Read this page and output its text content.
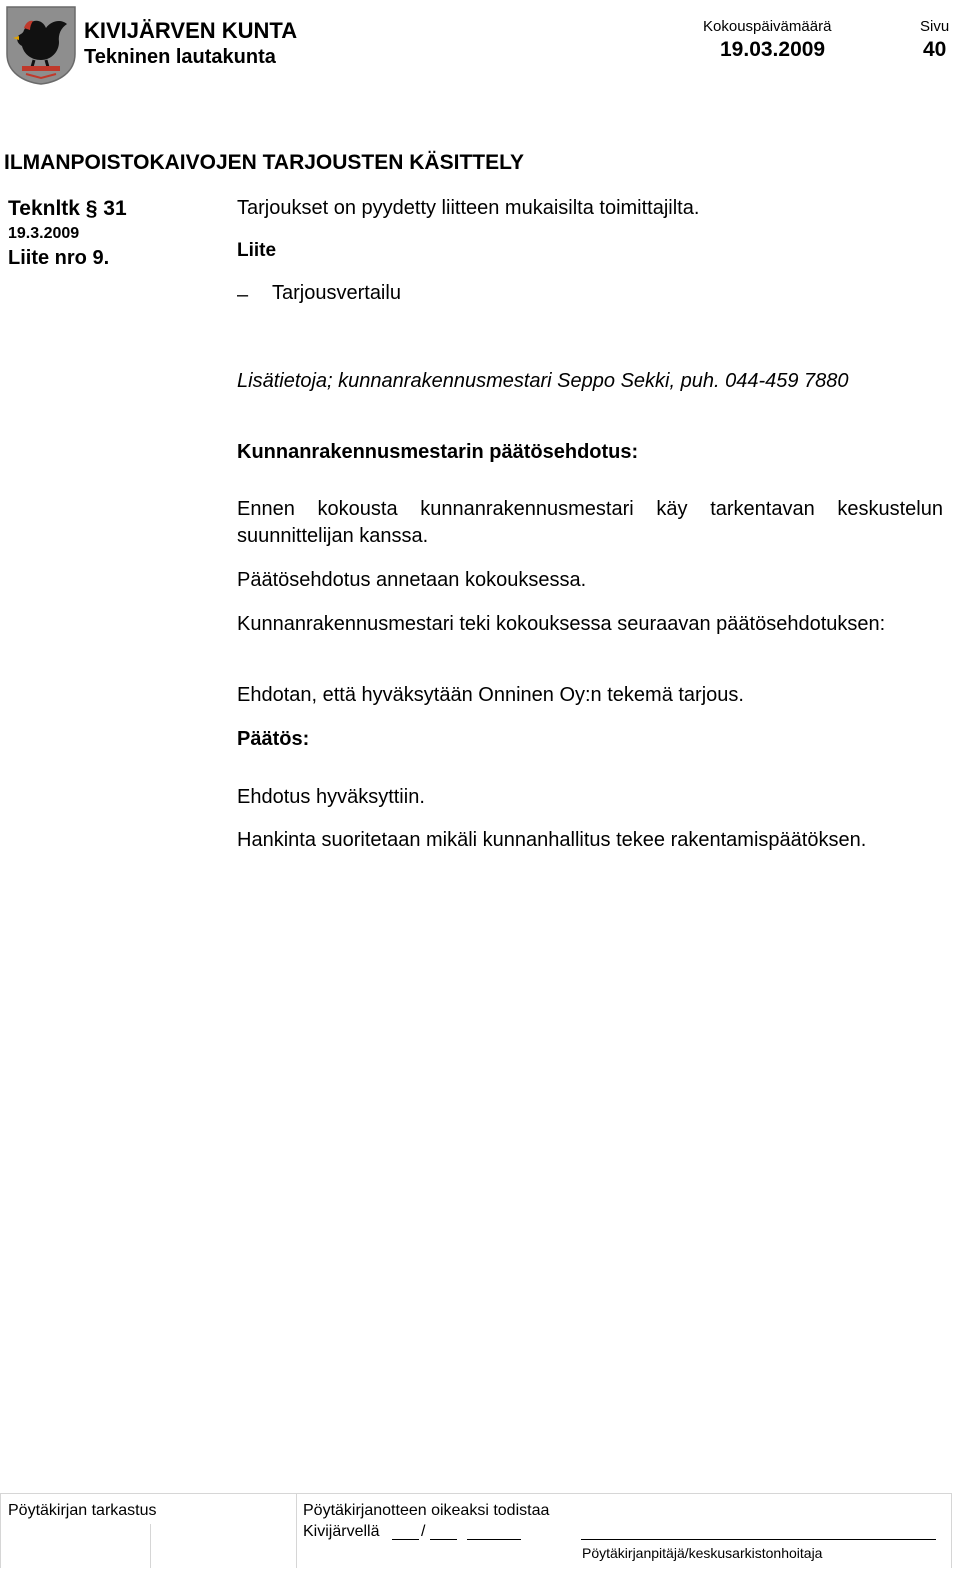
KIVIJÄRVEN KUNTA
Tekninen lautakunta
Kokouspäivämäärä
19.03.2009
Sivu
40
ILMANPOISTOKAIVOJEN TARJOUSTEN KÄSITTELY
Teknltk § 31
19.3.2009
Liite nro 9.
Tarjoukset on pyydetty liitteen mukaisilta toimittajilta.
Liite
– Tarjousvertailu
Lisätietoja; kunnanrakennusmestari Seppo Sekki, puh. 044-459 7880
Kunnanrakennusmestarin päätösehdotus:
Ennen kokousta kunnanrakennusmestari käy tarkentavan keskustelun suunnittelijan kanssa.
Päätösehdotus annetaan kokouksessa.
Kunnanrakennusmestari teki kokouksessa seuraavan päätösehdotuksen:
Ehdotan, että hyväksytään Onninen Oy:n tekemä tarjous.
Päätös:
Ehdotus hyväksyttiin.
Hankinta suoritetaan mikäli kunnanhallitus tekee rakentamispäätöksen.
Pöytäkirjan tarkastus	Pöytäkirjanotteen oikeaksi todistaa
Kivijärvellä	/
Pöytäkirjanpitäjä/keskusarkistonhoitaja
